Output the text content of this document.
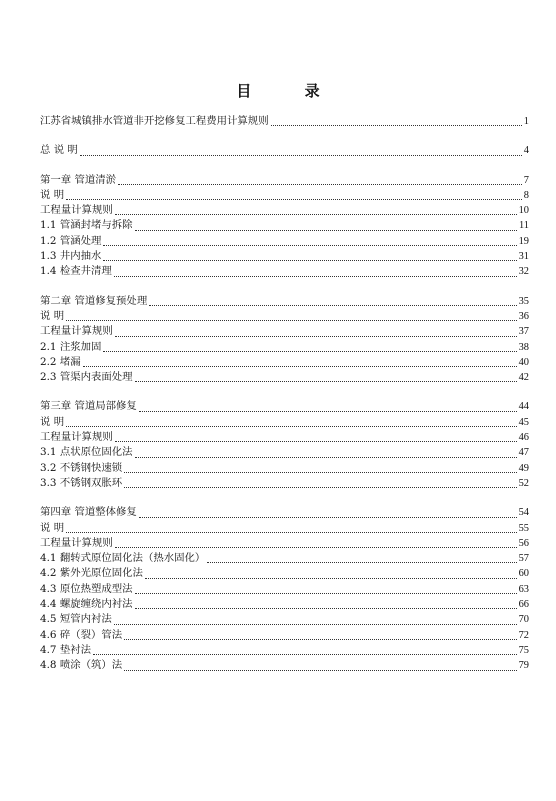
目 录
江苏省城镇排水管道非开挖修复工程费用计算规则	1
总 说 明	4
第一章 管道清淤	7
说 明	8
工程量计算规则	10
1.1 管涵封堵与拆除	11
1.2 管涵处理	19
1.3 井内抽水	31
1.4 检查井清理	32
第二章 管道修复预处理	35
说 明	36
工程量计算规则	37
2.1 注浆加固	38
2.2 堵漏	40
2.3 管渠内表面处理	42
第三章 管道局部修复	44
说 明	45
工程量计算规则	46
3.1 点状原位固化法	47
3.2 不锈钢快速锁	49
3.3 不锈钢双胀环	52
第四章 管道整体修复	54
说 明	55
工程量计算规则	56
4.1 翻转式原位固化法（热水固化）	57
4.2 紫外光原位固化法	60
4.3 原位热塑成型法	63
4.4 螺旋缠绕内衬法	66
4.5 短管内衬法	70
4.6 碎（裂）管法	72
4.7 垫衬法	75
4.8 喷涂（筑）法	79
